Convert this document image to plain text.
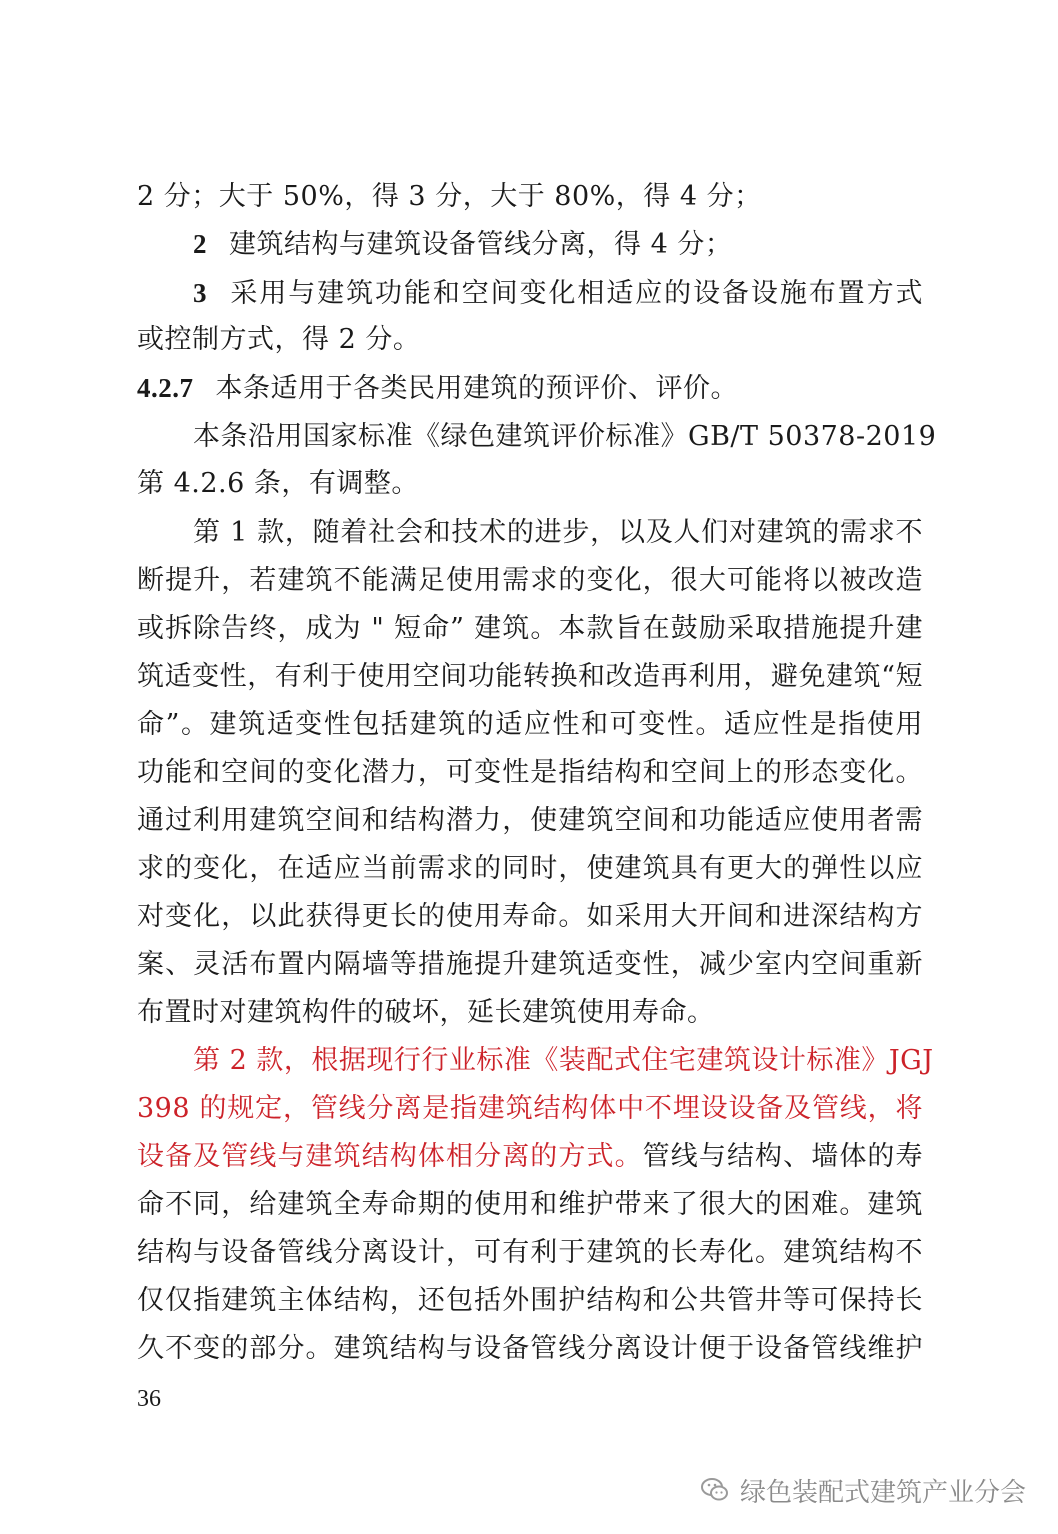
2 分；大于 50%，得 3 分，大于 80%，得 4 分；
2 建筑结构与建筑设备管线分离，得 4 分；
3 采用与建筑功能和空间变化相适应的设备设施布置方式
或控制方式，得 2 分。
4.2.7 本条适用于各类民用建筑的预评价、评价。
本条沿用国家标准《绿色建筑评价标准》GB/T 50378-2019
第 4.2.6 条，有调整。
第 1 款，随着社会和技术的进步，以及人们对建筑的需求不
断提升，若建筑不能满足使用需求的变化，很大可能将以被改造
或拆除告终，成为 " 短命” 建筑。本款旨在鼓励采取措施提升建
筑适变性，有利于使用空间功能转换和改造再利用，避免建筑“短
命”。建筑适变性包括建筑的适应性和可变性。适应性是指使用
功能和空间的变化潜力，可变性是指结构和空间上的形态变化。
通过利用建筑空间和结构潜力，使建筑空间和功能适应使用者需
求的变化，在适应当前需求的同时，使建筑具有更大的弹性以应
对变化，以此获得更长的使用寿命。如采用大开间和进深结构方
案、灵活布置内隔墙等措施提升建筑适变性，减少室内空间重新
布置时对建筑构件的破坏，延长建筑使用寿命。
第 2 款，根据现行行业标准《装配式住宅建筑设计标准》JGJ
398 的规定，管线分离是指建筑结构体中不埋设设备及管线，将
设备及管线与建筑结构体相分离的方式。管线与结构、墙体的寿
命不同，给建筑全寿命期的使用和维护带来了很大的困难。建筑
结构与设备管线分离设计，可有利于建筑的长寿化。建筑结构不
仅仅指建筑主体结构，还包括外围护结构和公共管井等可保持长
久不变的部分。建筑结构与设备管线分离设计便于设备管线维护
36
绿色装配式建筑产业分会
